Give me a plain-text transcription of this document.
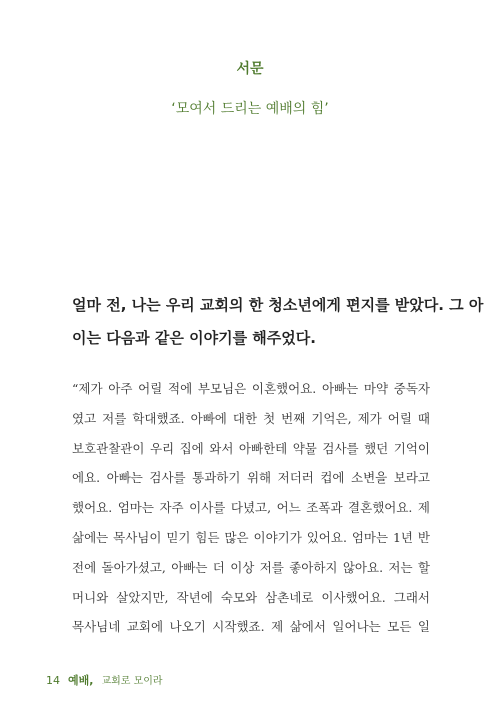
서문
‘모여서 드리는 예배의 힘’
얼마 전, 나는 우리 교회의 한 청소년에게 편지를 받았다. 그 아
이는 다음과 같은 이야기를 해주었다.
“제가 아주 어릴 적에 부모님은 이혼했어요. 아빠는 마약 중독자
였고 저를 학대했죠. 아빠에 대한 첫 번째 기억은, 제가 어릴 때
보호관찰관이 우리 집에 와서 아빠한테 약물 검사를 했던 기억이
에요. 아빠는 검사를 통과하기 위해 저더러 컵에 소변을 보라고
했어요. 엄마는 자주 이사를 다녔고, 어느 조폭과 결혼했어요. 제
삶에는 목사님이 믿기 힘든 많은 이야기가 있어요. 엄마는 1년 반
전에 돌아가셨고, 아빠는 더 이상 저를 좋아하지 않아요. 저는 할
머니와 살았지만, 작년에 숙모와 삼촌네로 이사했어요. 그래서
목사님네 교회에 나오기 시작했죠. 제 삶에서 일어나는 모든 일
14 예배, 교회로 모이라
